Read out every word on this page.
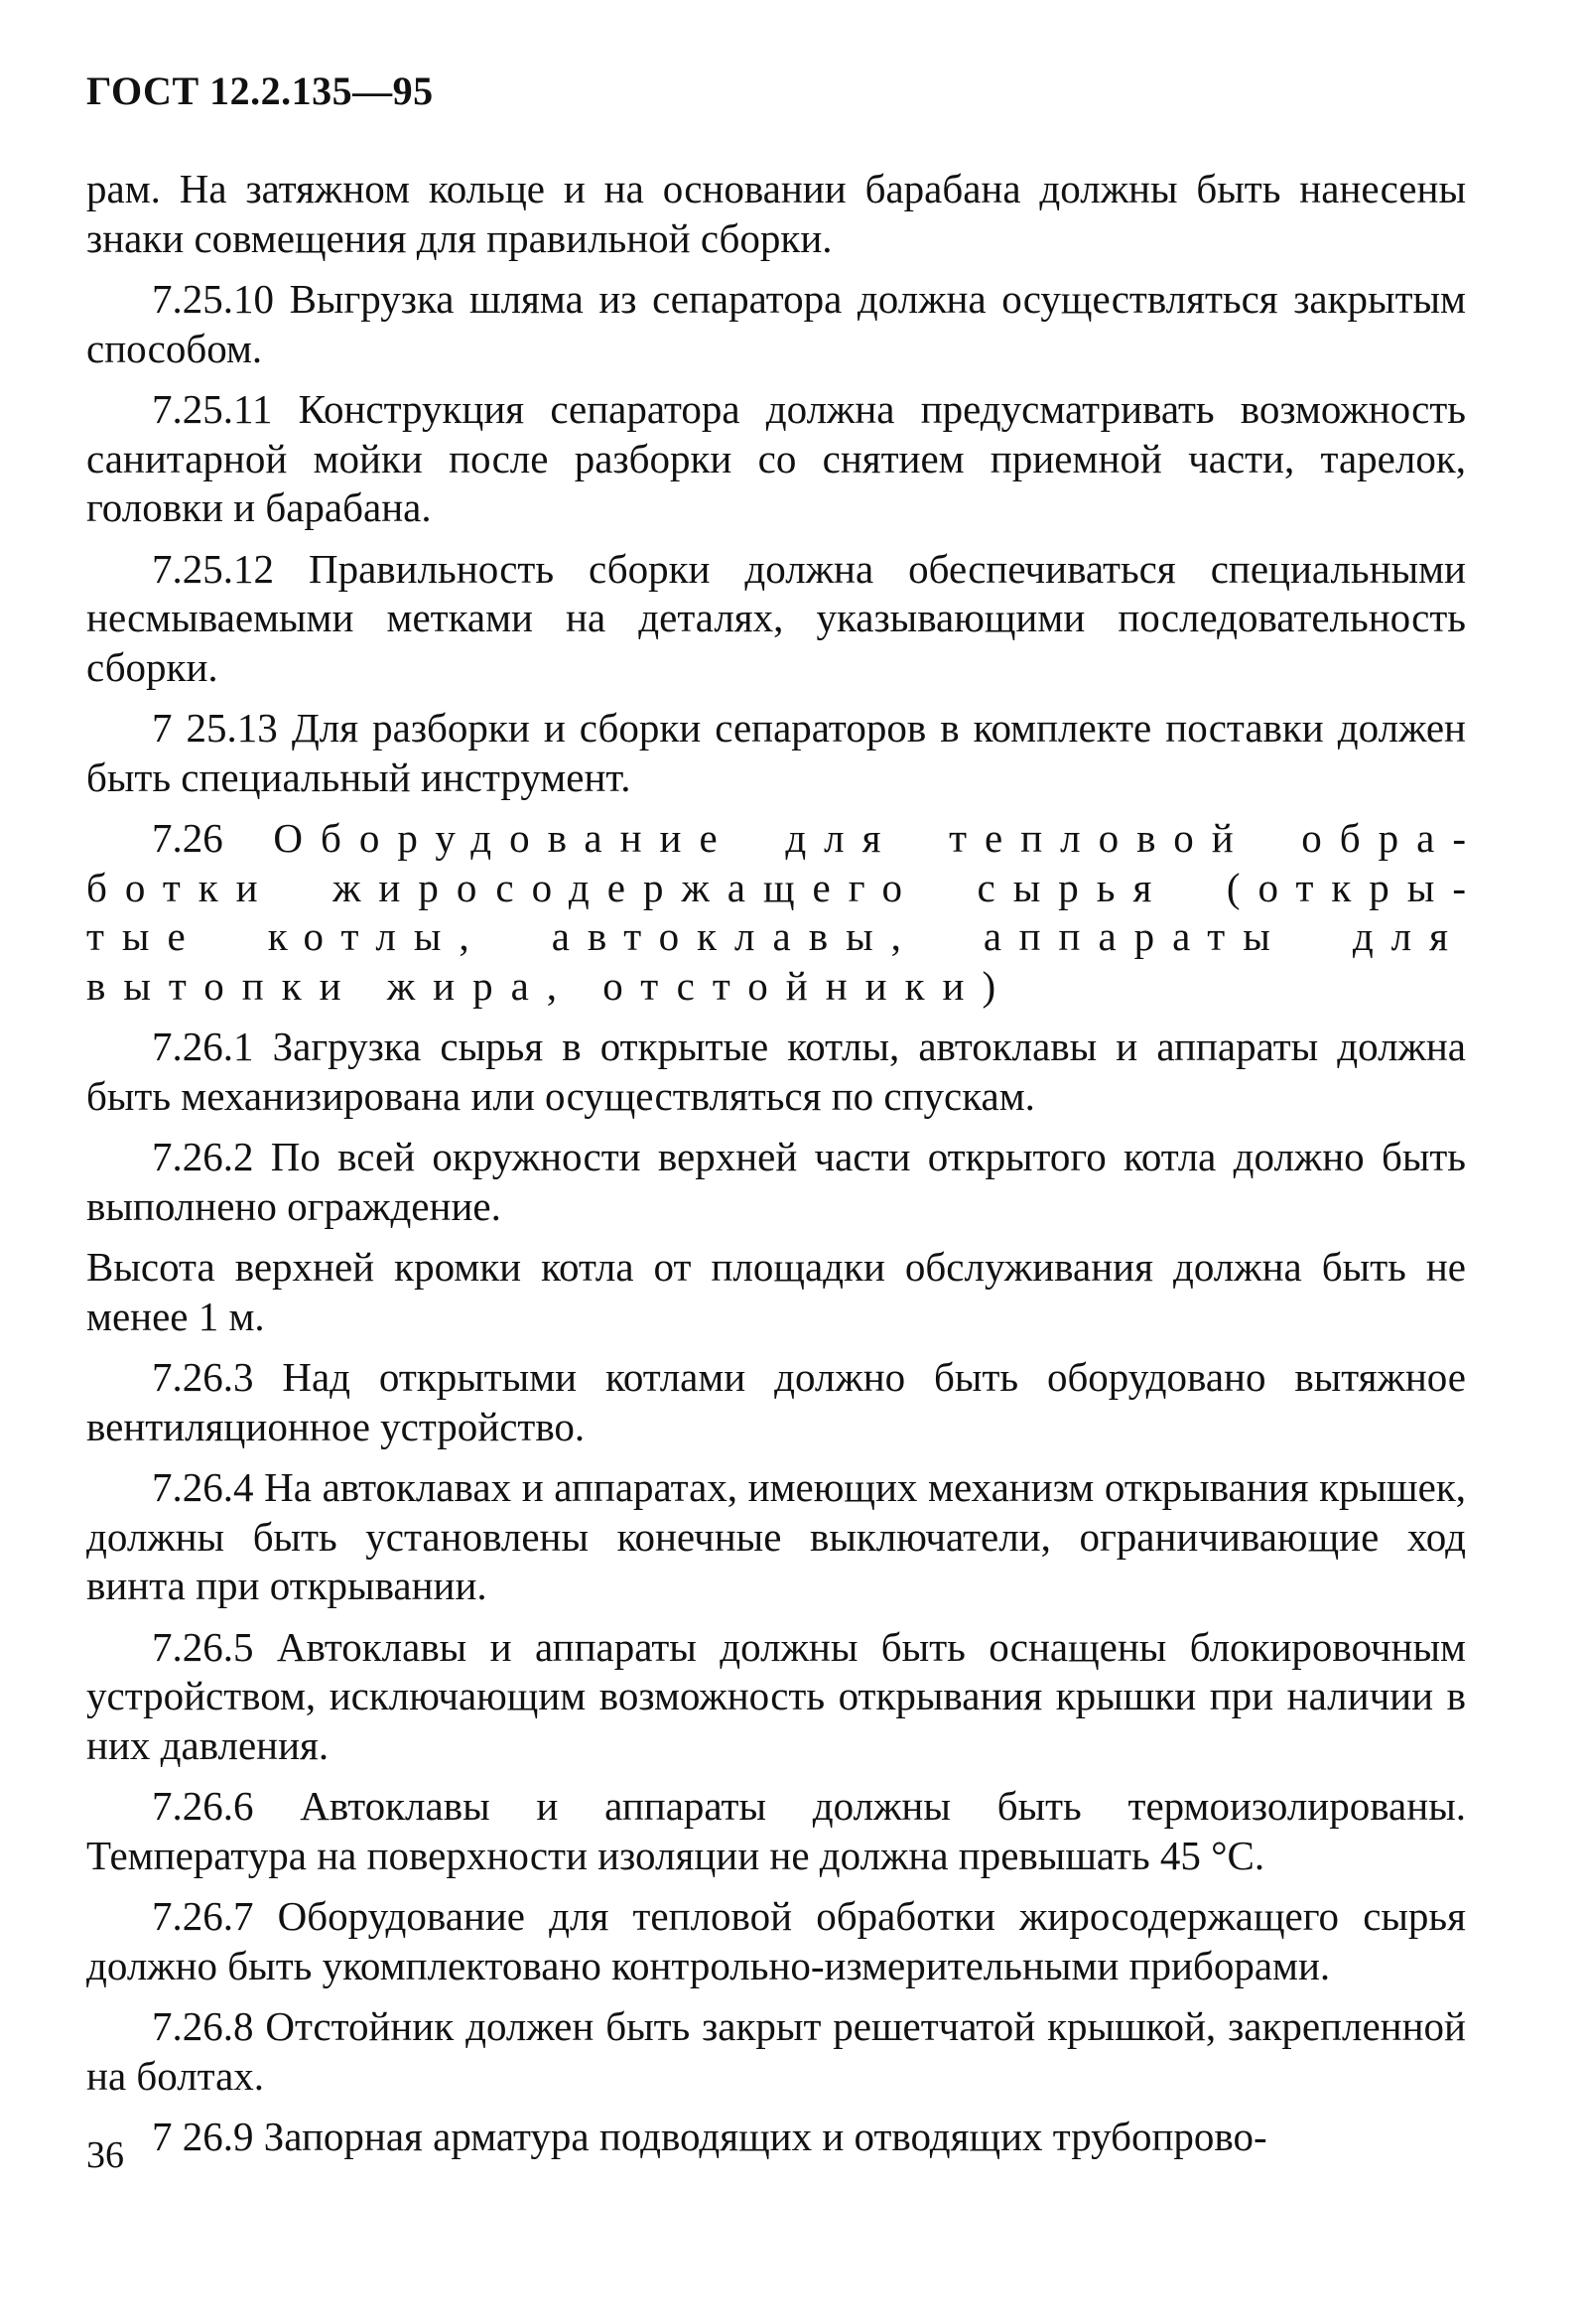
ГОСТ 12.2.135—95

рам. На затяжном кольце и на основании барабана должны быть нанесены знаки совмещения для правильной сборки.

7.25.10 Выгрузка шляма из сепаратора должна осуществляться закрытым способом.

7.25.11 Конструкция сепаратора должна предусматривать возможность санитарной мойки после разборки со снятием приемной части, тарелок, головки и барабана.

7.25.12 Правильность сборки должна обеспечиваться специальными несмываемыми метками на деталях, указывающими последовательность сборки.

7 25.13 Для разборки и сборки сепараторов в комплекте поставки должен быть специальный инструмент.

7.26 Оборудование для тепловой обработки жиросодержащего сырья (открытые котлы, автоклавы, аппараты для вытопки жира, отстойники)

7.26.1 Загрузка сырья в открытые котлы, автоклавы и аппараты должна быть механизирована или осуществляться по спускам.

7.26.2 По всей окружности верхней части открытого котла должно быть выполнено ограждение.

Высота верхней кромки котла от площадки обслуживания должна быть не менее 1 м.

7.26.3 Над открытыми котлами должно быть оборудовано вытяжное вентиляционное устройство.

7.26.4 На автоклавах и аппаратах, имеющих механизм открывания крышек, должны быть установлены конечные выключатели, ограничивающие ход винта при открывании.

7.26.5 Автоклавы и аппараты должны быть оснащены блокировочным устройством, исключающим возможность открывания крышки при наличии в них давления.

7.26.6 Автоклавы и аппараты должны быть термоизолированы. Температура на поверхности изоляции не должна превышать 45 °С.

7.26.7 Оборудование для тепловой обработки жиросодержащего сырья должно быть укомплектовано контрольно-измерительными приборами.

7.26.8 Отстойник должен быть закрыт решетчатой крышкой, закрепленной на болтах.

7 26.9 Запорная арматура подводящих и отводящих трубопрово-

36
